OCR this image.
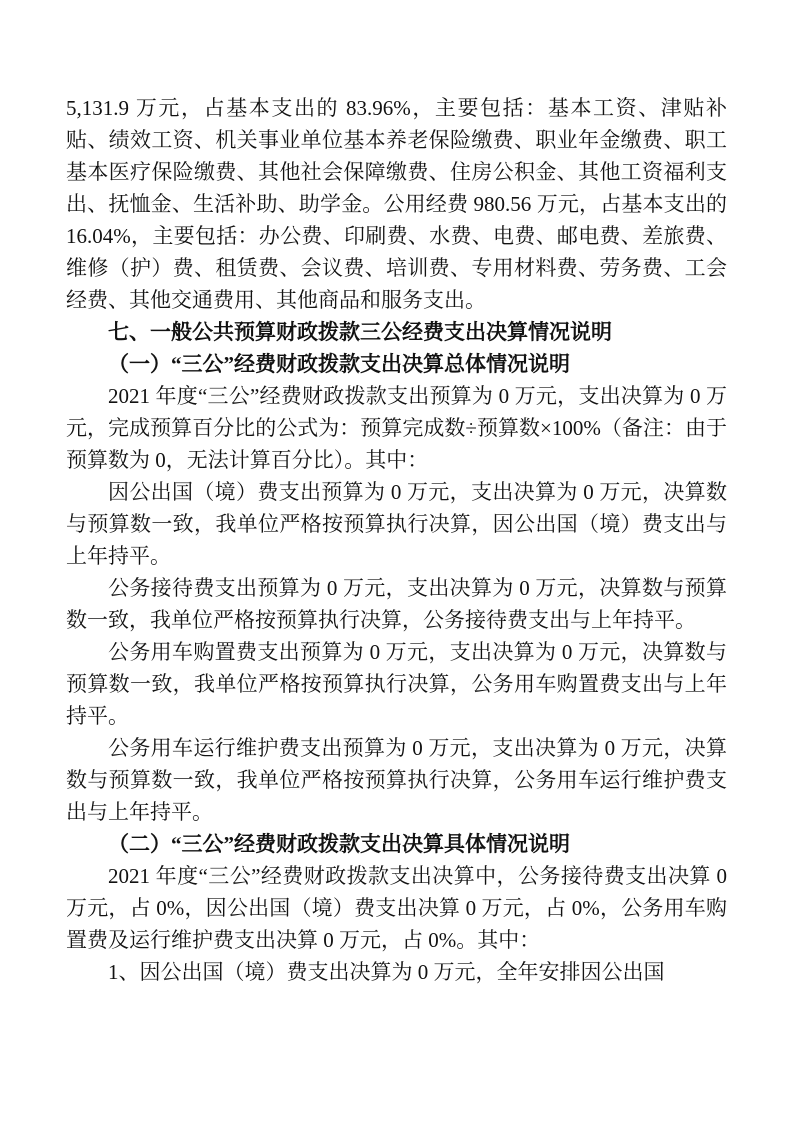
5,131.9 万元，占基本支出的 83.96%，主要包括：基本工资、津贴补贴、绩效工资、机关事业单位基本养老保险缴费、职业年金缴费、职工基本医疗保险缴费、其他社会保障缴费、住房公积金、其他工资福利支出、抚恤金、生活补助、助学金。公用经费 980.56 万元，占基本支出的 16.04%，主要包括：办公费、印刷费、水费、电费、邮电费、差旅费、维修（护）费、租赁费、会议费、培训费、专用材料费、劳务费、工会经费、其他交通费用、其他商品和服务支出。

七、一般公共预算财政拨款三公经费支出决算情况说明

（一）“三公”经费财政拨款支出决算总体情况说明

2021 年度“三公”经费财政拨款支出预算为 0 万元，支出决算为 0 万元，完成预算百分比的公式为：预算完成数÷预算数×100%（备注：由于预算数为 0，无法计算百分比）。其中：

因公出国（境）费支出预算为 0 万元，支出决算为 0 万元，决算数与预算数一致，我单位严格按预算执行决算，因公出国（境）费支出与上年持平。

公务接待费支出预算为 0 万元，支出决算为 0 万元，决算数与预算数一致，我单位严格按预算执行决算，公务接待费支出与上年持平。

公务用车购置费支出预算为 0 万元，支出决算为 0 万元，决算数与预算数一致，我单位严格按预算执行决算，公务用车购置费支出与上年持平。

公务用车运行维护费支出预算为 0 万元，支出决算为 0 万元，决算数与预算数一致，我单位严格按预算执行决算，公务用车运行维护费支出与上年持平。

（二）“三公”经费财政拨款支出决算具体情况说明

2021 年度“三公”经费财政拨款支出决算中，公务接待费支出决算 0 万元，占 0%，因公出国（境）费支出决算 0 万元，占 0%，公务用车购置费及运行维护费支出决算 0 万元，占 0%。其中：

1、因公出国（境）费支出决算为 0 万元，全年安排因公出国
